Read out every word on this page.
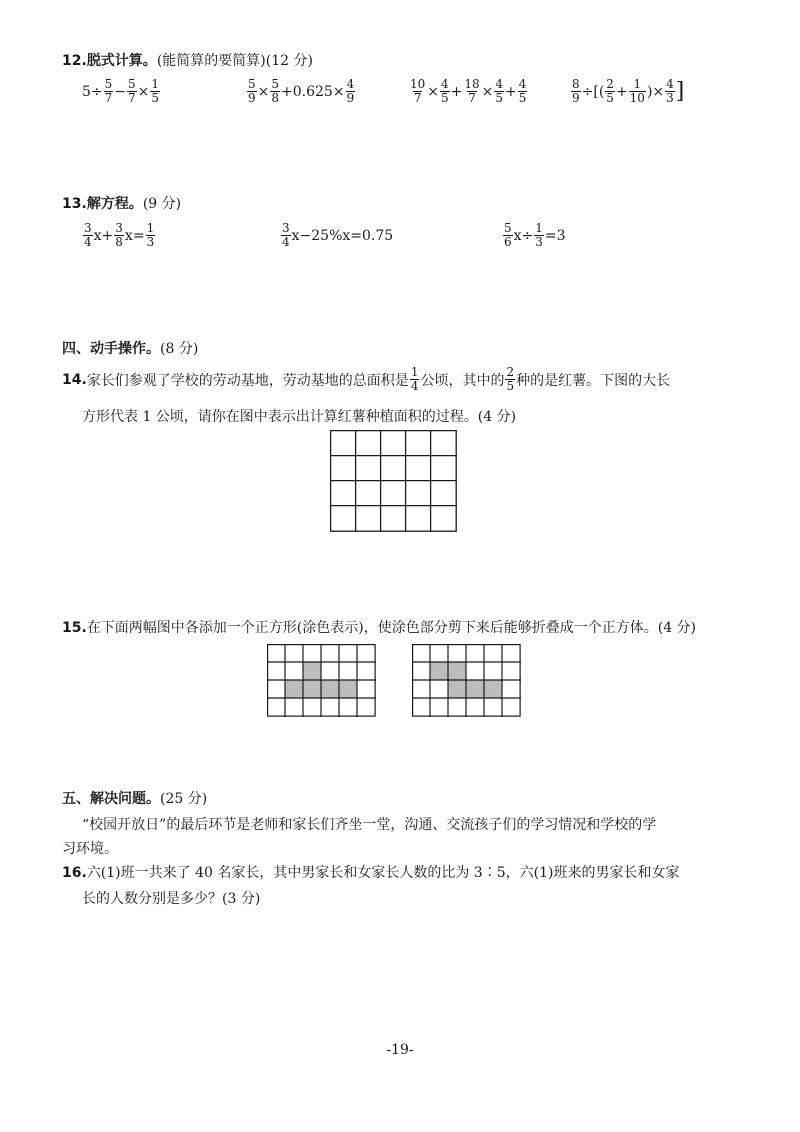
12.脱式计算。(能简算的要简算)(12 分)
$5 \div \frac{5}{7} - \frac{5}{7} \times \frac{1}{5}$	$\frac{5}{9} \times \frac{5}{8} +0.625\times \frac{4}{9}$	$\frac{10}{7} \times \frac{4}{5} + \frac{18}{7} \times \frac{4}{5} + \frac{4}{5}$	$\frac{8}{9}$ ÷[( $\frac{2}{5} + \frac{1}{10}$ )× $\frac{4}{3}$ ]
13.解方程。(9 分)
$\frac{3}{4} x+ \frac{3}{8} x= \frac{1}{3}$	$\frac{3}{4} x-25\%x=0.75$	$\frac{5}{6} x\div \frac{1}{3} =3$
四、动手操作。(8 分)
14. 家长们参观了学校的劳动基地，劳动基地的总面积是 $\frac{1}{4}$ 公顷，其中的 $\frac{2}{5}$ 种的是红薯。下图的大长
方形代表 1 公顷，请你在图中表示出计算红薯种植面积的过程。(4 分)
15.在下面两幅图中各添加一个正方形(涂色表示)，使涂色部分剪下来后能够折叠成一个正方体。(4 分)
五、解决问题。(25 分)
“校园开放日”的最后环节是老师和家长们齐坐一堂，沟通、交流孩子们的学习情况和学校的学
习环境。
16.六(1)班一共来了 40 名家长，其中男家长和女家长人数的比为 3∶5，六(1)班来的男家长和女家
长的人数分别是多少？(3 分)
-19-
